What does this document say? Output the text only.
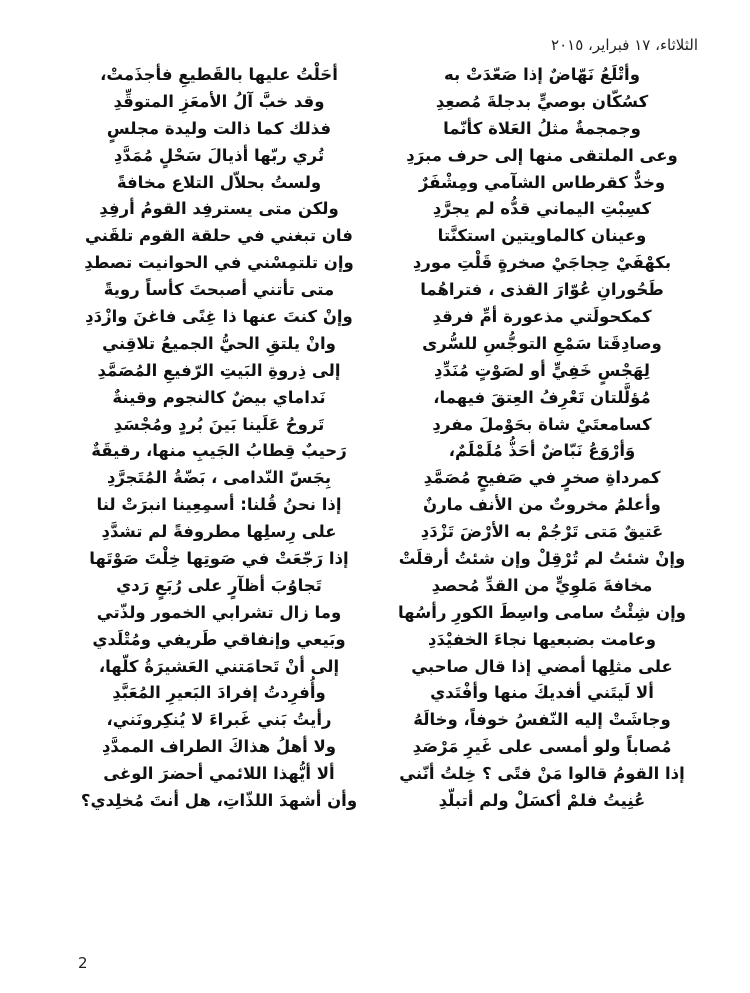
الثلاثاء، ١٧ فبراير، ٢٠١٥
وأتْلَعُ نَهّاضٌ إذا صَعّدَتْ به
كسُكّان بوصيٍّ بدجلةَ مُصعِدِ
وجمجمةٌ مثلُ العَلاة كأنّما
وعى الملتقى منها إلى حرف مبرَدِ
وخدٌّ كقرطاس الشآمي ومِشْفَرٌ
كسِبْتِ اليماني قدُّه لم يجرَّدِ
وعينان كالماويتين استكنَّتا
بكهْفَيْ حِجاجَيْ صخرةٍ قَلْتِ موردِ
طَحُورانِ عُوّارَ القذى ، فتراهُما
كمكحولَتي مذعورة أمِّ فرقدِ
وصادِقَتا سَمْعِ التوجُّسِ للسُّرى
لِهَجْسٍ خَفِيٍّ أو لصَوْتٍ مُنَدِّدِ
مُؤلَّلتان تَعْرِفُ العِتقَ فيهما،
كسامعتَيْ شاة بحَوْملَ مفردِ
وَأرْوَعُ نَبّاضٌ أحَذُّ مُلَمْلَمٌ،
كمرداةِ صخرٍ في صَفيحٍ مُصَمَّدِ
وأعلمُ مخروتٌ من الأنف مارنٌ
عَتيقٌ مَتى تَرْجُمْ به الأرْضَ تَزْدَدِ
وإنْ شئتُ لم تُرْقِلْ وإن شئتُ أرقلَتْ
مخافةَ مَلوِيٍّ من القدِّ مُحصدِ
وإن شِئْتُ سامى واسِطَ الكورِ رأسُها
وعامت بضبعيها نجاءَ الخفيْدَدِ
على مثلِها أمضي إذا قال صاحبي
ألا لَيتَني أفديكَ منها وأفْتَدي
وجاشَتْ إليه النّفسُ خوفاً، وخالَهُ
مُصاباً ولو أمسى على غَيرِ مَرْصَدِ
إذا القومُ قالوا مَنْ فتًى ؟ خِلتُ أنّني
عُنِيتُ فلمْ أكسَلْ ولم أتبلّدِ
أحَلْتُ عليها بالقَطيعِ فأجذَمتْ،
وقد خبَّ آلُ الأمعَزِ المتوقِّدِ
فذلك كما ذالت وليدة مجلسٍ
تُري ربّها أذيالَ سَحْلٍ مُمَدَّدِ
ولستُ بحلاّل التلاع مخافةً
ولكن متى يسترفِد القومُ أرفِدِ
فان تبغني في حلقة القوم تلقَني
وإن تلتمِسْني في الحوانيت تصطدِ
متى تأتني أصبحتَ كأساً رويةً
وإنْ كنتَ عنها ذا غِنًى فاغنَ وازْدَدِ
وانْ يلتقِ الحيُّ الجميعُ تلاقِني
إلى ذِروةِ البَيتِ الرّفيعِ المُصَمَّدِ
نَداماي بيضٌ كالنجوم وقينةٌ
تَروحُ عَلَينا بَينَ بُردٍ ومُجْسَدِ
رَحيبٌ قِطابُ الجَيبِ منها، رقيقَةٌ
بِجَسّ النّدامى ، بَضّةُ المُتَجرَّدِ
إذا نحنُ قُلنا: أسمِعِينا انبرَتْ لنا
على رِسلِها مطروفةً لم تشدَّدِ
إذا رَجّعَتْ في صَوتِها خِلْتَ صَوْتَها
تَجاوُبَ أظآرٍ على رُبَعٍ رَدي
وما زال تشرابي الخمور ولذّتي
وبَيعي وإنفاقي طَريفي ومُتْلَدي
إلى أنْ تَحامَتني العَشيرَةُ كلّها،
وأُفرِدتُ إفرادَ البَعيرِ المُعَبَّدِ
رأيتُ بَني غَبراءَ لا يُنكِرونَني،
ولا أهلُ هذاكَ الطراف الممدَّدِ
ألا أيُّهذا اللائمي أحضرَ الوغى
وأن أشهدَ اللذّاتِ، هل أنتَ مُخلِدي؟
2
